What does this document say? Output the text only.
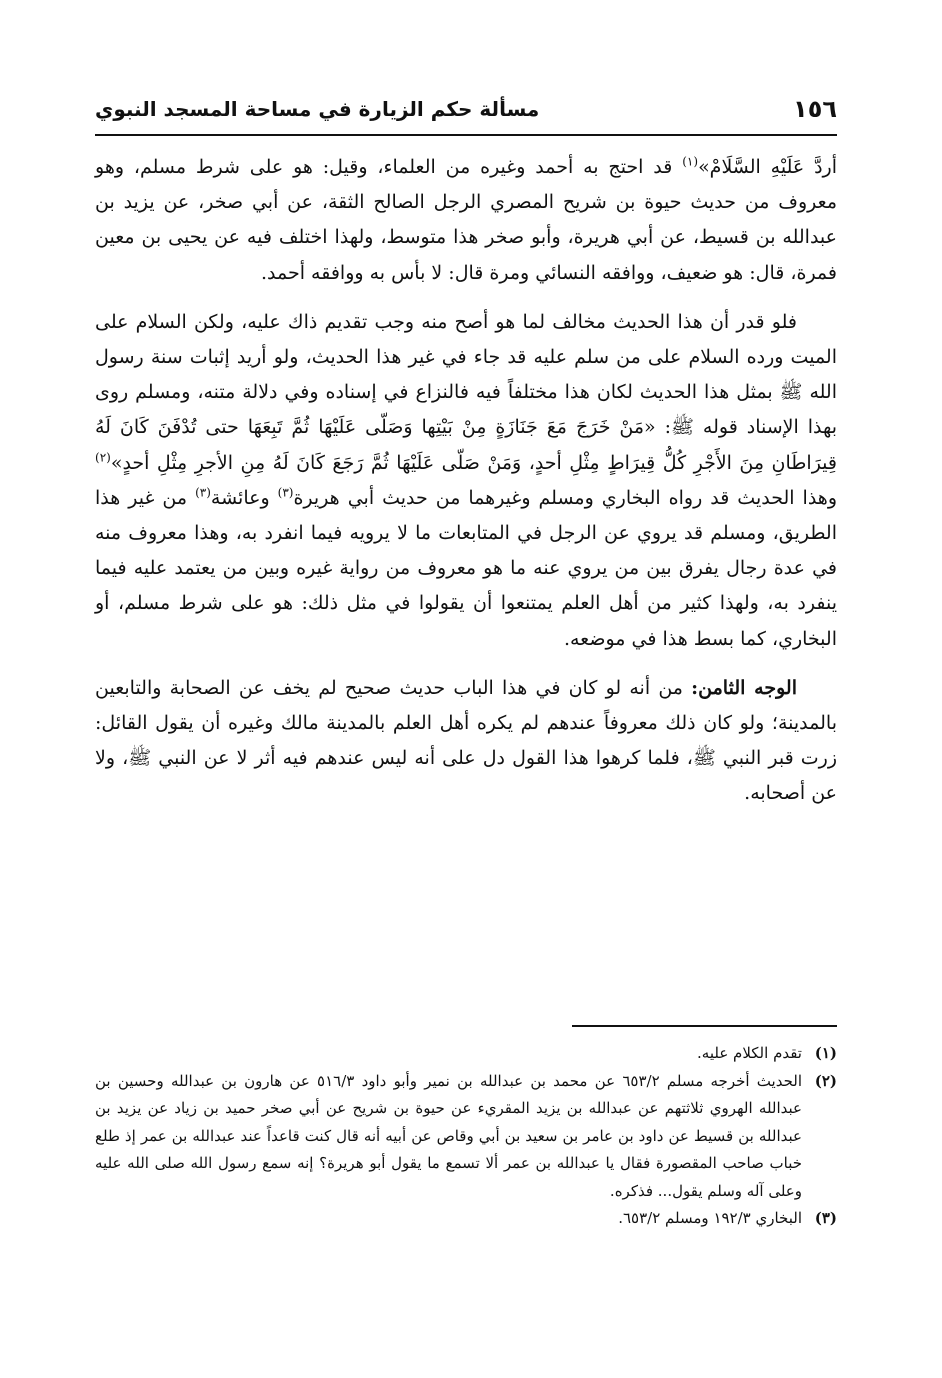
١٥٦
مسألة حكم الزيارة في مساحة المسجد النبوي

أردَّ عَلَيْهِ السَّلَامْ»$^{(١)}$ قد احتج به أحمد وغيره من العلماء، وقيل: هو على شرط مسلم، وهو معروف من حديث حيوة بن شريح المصري الرجل الصالح الثقة، عن أبي صخر، عن يزيد بن عبدالله بن قسيط، عن أبي هريرة، وأبو صخر هذا متوسط، ولهذا اختلف فيه عن يحيى بن معين فمرة، قال: هو ضعيف، ووافقه النسائي ومرة قال: لا بأس به ووافقه أحمد.

فلو قدر أن هذا الحديث مخالف لما هو أصح منه وجب تقديم ذاك عليه، ولكن السلام على الميت ورده السلام على من سلم عليه قد جاء في غير هذا الحديث، ولو أريد إثبات سنة رسول الله ﷺ بمثل هذا الحديث لكان هذا مختلفاً فيه فالنزاع في إسناده وفي دلالة متنه، ومسلم روى بهذا الإسناد قوله ﷺ: «مَنْ خَرَجَ مَعَ جَنَازَةٍ مِنْ بَيْتِها وَصَلّى عَلَيْهَا ثُمَّ تَبِعَهَا حتى تُدْفَنَ كَانَ لَهُ قِيرَاطَانِ مِنَ الأَجْرِ كُلُّ قِيرَاطٍ مِثْلِ أحدٍ، وَمَنْ صَلّى عَلَيْهَا ثُمَّ رَجَعَ كَانَ لَهُ مِنِ الأجرِ مِثْلِ أحدٍ»$^{(٢)}$ وهذا الحديث قد رواه البخاري ومسلم وغيرهما من حديث أبي هريرة$^{(٣)}$ وعائشة$^{(٣)}$ من غير هذا الطريق، ومسلم قد يروي عن الرجل في المتابعات ما لا يرويه فيما انفرد به، وهذا معروف منه في عدة رجال يفرق بين من يروي عنه ما هو معروف من رواية غيره وبين من يعتمد عليه فيما ينفرد به، ولهذا كثير من أهل العلم يمتنعوا أن يقولوا في مثل ذلك: هو على شرط مسلم، أو البخاري، كما بسط هذا في موضعه.

الوجه الثامن: من أنه لو كان في هذا الباب حديث صحيح لم يخف عن الصحابة والتابعين بالمدينة؛ ولو كان ذلك معروفاً عندهم لم يكره أهل العلم بالمدينة مالك وغيره أن يقول القائل: زرت قبر النبي ﷺ، فلما كرهوا هذا القول دل على أنه ليس عندهم فيه أثر لا عن النبي ﷺ، ولا عن أصحابه.

(١)
تقدم الكلام عليه.

(٢)
الحديث أخرجه مسلم ٦٥٣/٢ عن محمد بن عبدالله بن نمير وأبو داود ٥١٦/٣ عن هارون بن عبدالله وحسين بن عبدالله الهروي ثلاثتهم عن عبدالله بن يزيد المقريء عن حيوة بن شريح عن أبي صخر حميد بن زياد عن يزيد بن عبدالله بن قسيط عن داود بن عامر بن سعيد بن أبي وقاص عن أبيه أنه قال كنت قاعداً عند عبدالله بن عمر إذ طلع خباب صاحب المقصورة فقال يا عبدالله بن عمر ألا تسمع ما يقول أبو هريرة؟ إنه سمع رسول الله صلى الله عليه وعلى آله وسلم يقول... فذكره.

(٣)
البخاري ١٩٢/٣ ومسلم ٦٥٣/٢.
